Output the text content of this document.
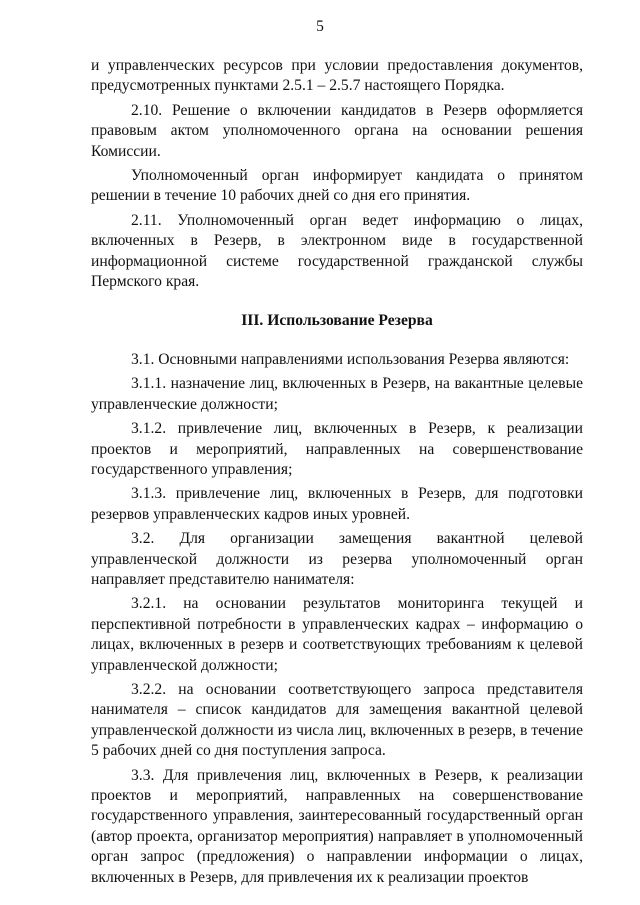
5

и управленческих ресурсов при условии предоставления документов, предусмотренных пунктами 2.5.1 – 2.5.7 настоящего Порядка.

2.10. Решение о включении кандидатов в Резерв оформляется правовым актом уполномоченного органа на основании решения Комиссии.

Уполномоченный орган информирует кандидата о принятом решении в течение 10 рабочих дней со дня его принятия.

2.11. Уполномоченный орган ведет информацию о лицах, включенных в Резерв, в электронном виде в государственной информационной системе государственной гражданской службы Пермского края.

III. Использование Резерва

3.1. Основными направлениями использования Резерва являются:

3.1.1. назначение лиц, включенных в Резерв, на вакантные целевые управленческие должности;

3.1.2. привлечение лиц, включенных в Резерв, к реализации проектов и мероприятий, направленных на совершенствование государственного управления;

3.1.3. привлечение лиц, включенных в Резерв, для подготовки резервов управленческих кадров иных уровней.

3.2. Для организации замещения вакантной целевой управленческой должности из резерва уполномоченный орган направляет представителю нанимателя:

3.2.1. на основании результатов мониторинга текущей и перспективной потребности в управленческих кадрах – информацию о лицах, включенных в резерв и соответствующих требованиям к целевой управленческой должности;

3.2.2. на основании соответствующего запроса представителя нанимателя – список кандидатов для замещения вакантной целевой управленческой должности из числа лиц, включенных в резерв, в течение 5 рабочих дней со дня поступления запроса.

3.3. Для привлечения лиц, включенных в Резерв, к реализации проектов и мероприятий, направленных на совершенствование государственного управления, заинтересованный государственный орган (автор проекта, организатор мероприятия) направляет в уполномоченный орган запрос (предложения) о направлении информации о лицах, включенных в Резерв, для привлечения их к реализации проектов
